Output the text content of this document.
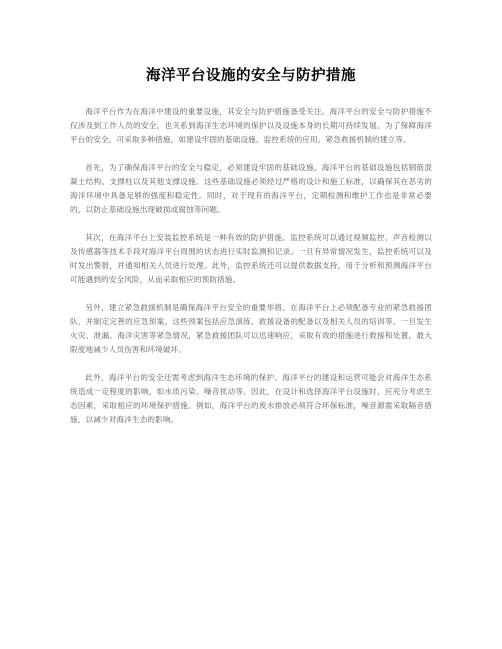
海洋平台设施的安全与防护措施

海洋平台作为在海洋中建设的重要设施，其安全与防护措施备受关注。海洋平台的安全与防护措施不仅涉及到工作人员的安全，也关系到海洋生态环境的保护以及设施本身的长期可持续发展。为了保障海洋平台的安全，可采取多种措施，如建设牢固的基础设施、监控系统的应用、紧急救援机制的建立等。

首先，为了确保海洋平台的安全与稳定，必须建设牢固的基础设施。海洋平台的基础设施包括钢筋混凝土结构、支撑柱以及其他支撑设施。这些基础设施必须经过严格的设计和施工标准，以确保其在恶劣的海洋环境中具备足够的强度和稳定性。同时，对于现有的海洋平台，定期检测和维护工作也是非常必要的，以防止基础设施出现破损或腐蚀等问题。

其次，在海洋平台上安装监控系统是一种有效的防护措施。监控系统可以通过视频监控、声音检测以及传感器等技术手段对海洋平台周围的状态进行实时监测和记录。一旦有异常情况发生，监控系统可以及时发出警报，并通知相关人员进行处理。此外，监控系统还可以提供数据支持，用于分析和预测海洋平台可能遇到的安全风险，从而采取相应的预防措施。

另外，建立紧急救援机制是确保海洋平台安全的重要举措。在海洋平台上必须配备专业的紧急救援团队，并制定完善的应急预案。这些预案包括应急演练、救援设备的配备以及相关人员的培训等。一旦发生火灾、泄漏、海洋灾害等紧急情况，紧急救援团队可以迅速响应，采取有效的措施进行救援和处置，最大限度地减少人员伤害和环境破坏。

此外，海洋平台的安全还需考虑到海洋生态环境的保护。海洋平台的建设和运营可能会对海洋生态系统造成一定程度的影响，如水质污染、噪音扰动等。因此，在设计和选择海洋平台设施时，应充分考虑生态因素，采取相应的环境保护措施。例如，海洋平台的废水排放必须符合环保标准，噪音源需采取隔音措施，以减少对海洋生态的影响。
